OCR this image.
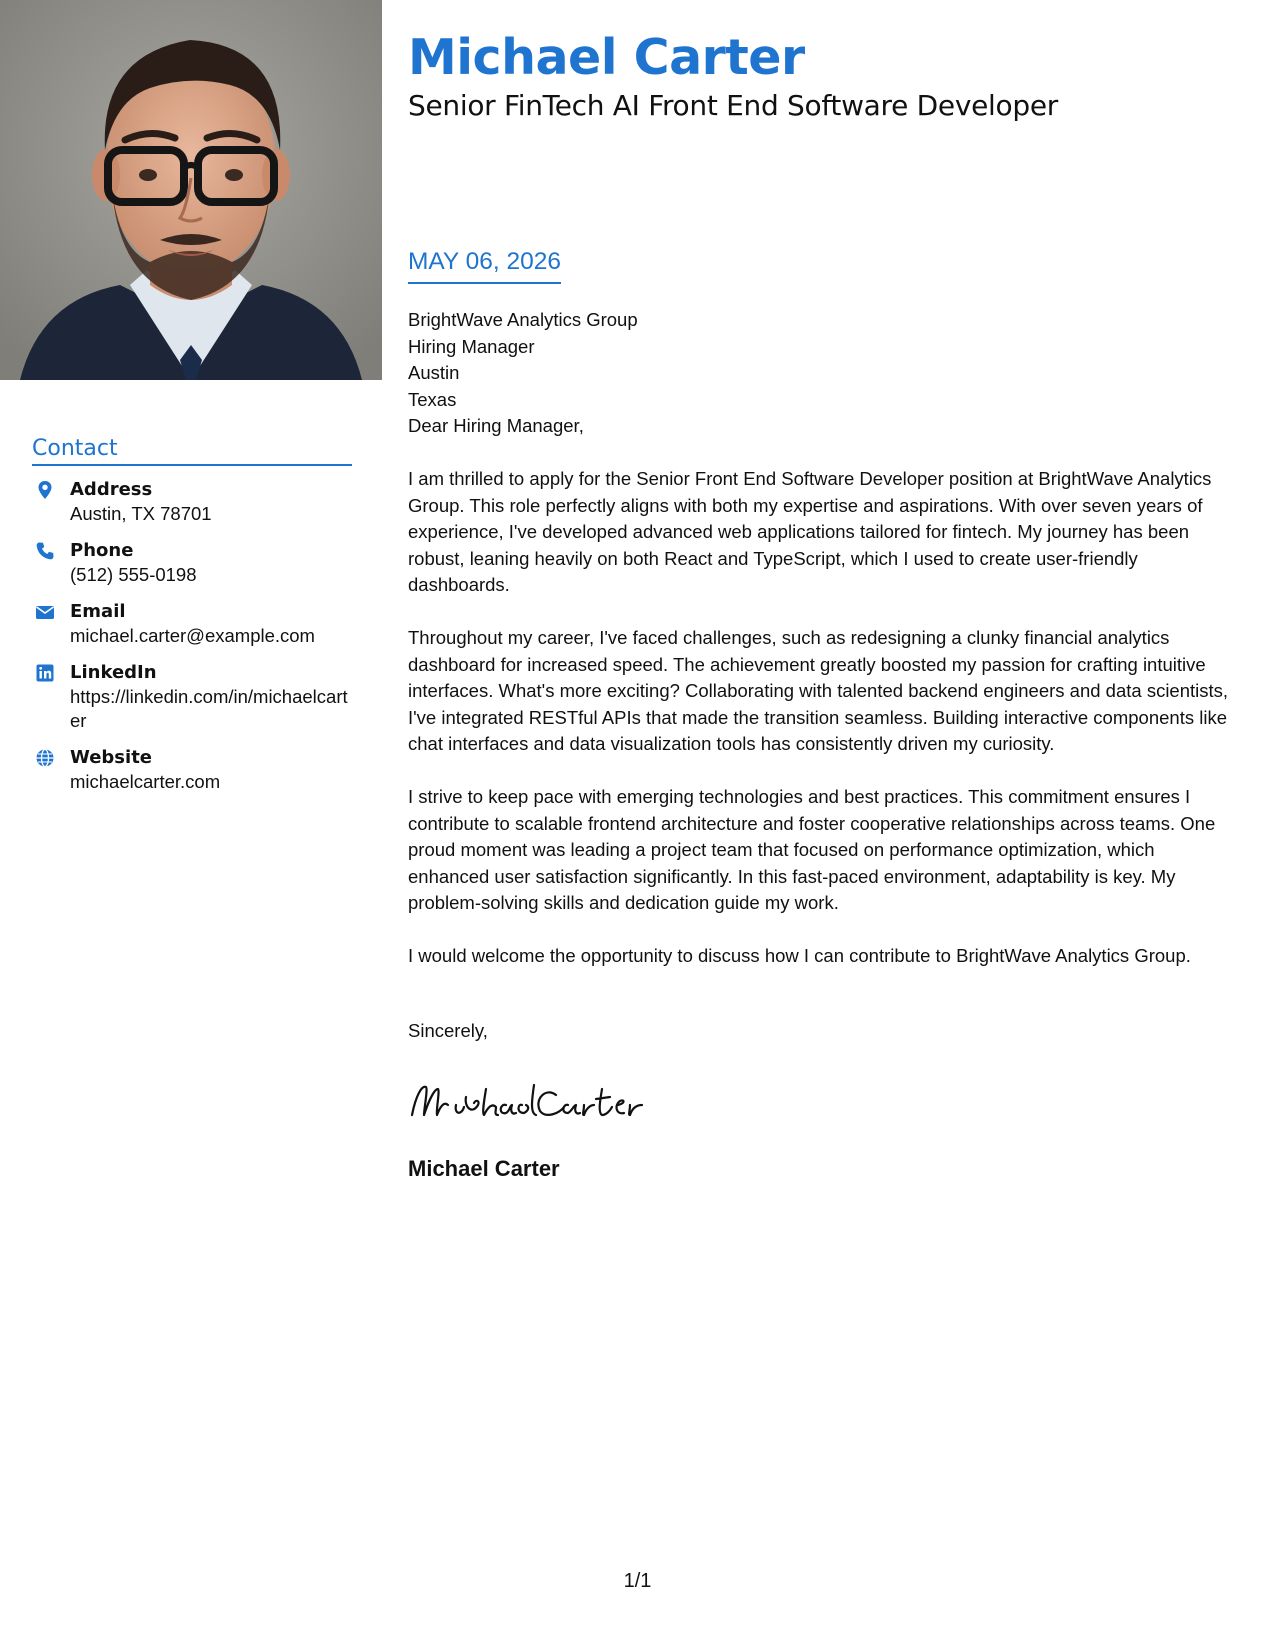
Contact
Address
Austin, TX 78701
Phone
(512) 555-0198
Email
michael.carter@example.com
LinkedIn
https://linkedin.com/in/michaelcarter
Website
michaelcarter.com
Michael Carter
Senior FinTech AI Front End Software Developer
MAY 06, 2026
BrightWave Analytics Group
Hiring Manager
Austin
Texas
Dear Hiring Manager,
I am thrilled to apply for the Senior Front End Software Developer position at BrightWave Analytics Group. This role perfectly aligns with both my expertise and aspirations. With over seven years of experience, I've developed advanced web applications tailored for fintech. My journey has been robust, leaning heavily on both React and TypeScript, which I used to create user-friendly dashboards.
Throughout my career, I've faced challenges, such as redesigning a clunky financial analytics dashboard for increased speed. The achievement greatly boosted my passion for crafting intuitive interfaces. What's more exciting? Collaborating with talented backend engineers and data scientists, I've integrated RESTful APIs that made the transition seamless. Building interactive components like chat interfaces and data visualization tools has consistently driven my curiosity.
I strive to keep pace with emerging technologies and best practices. This commitment ensures I contribute to scalable frontend architecture and foster cooperative relationships across teams. One proud moment was leading a project team that focused on performance optimization, which enhanced user satisfaction significantly. In this fast-paced environment, adaptability is key. My problem-solving skills and dedication guide my work.
I would welcome the opportunity to discuss how I can contribute to BrightWave Analytics Group.
Sincerely,
Michael Carter
1/1
